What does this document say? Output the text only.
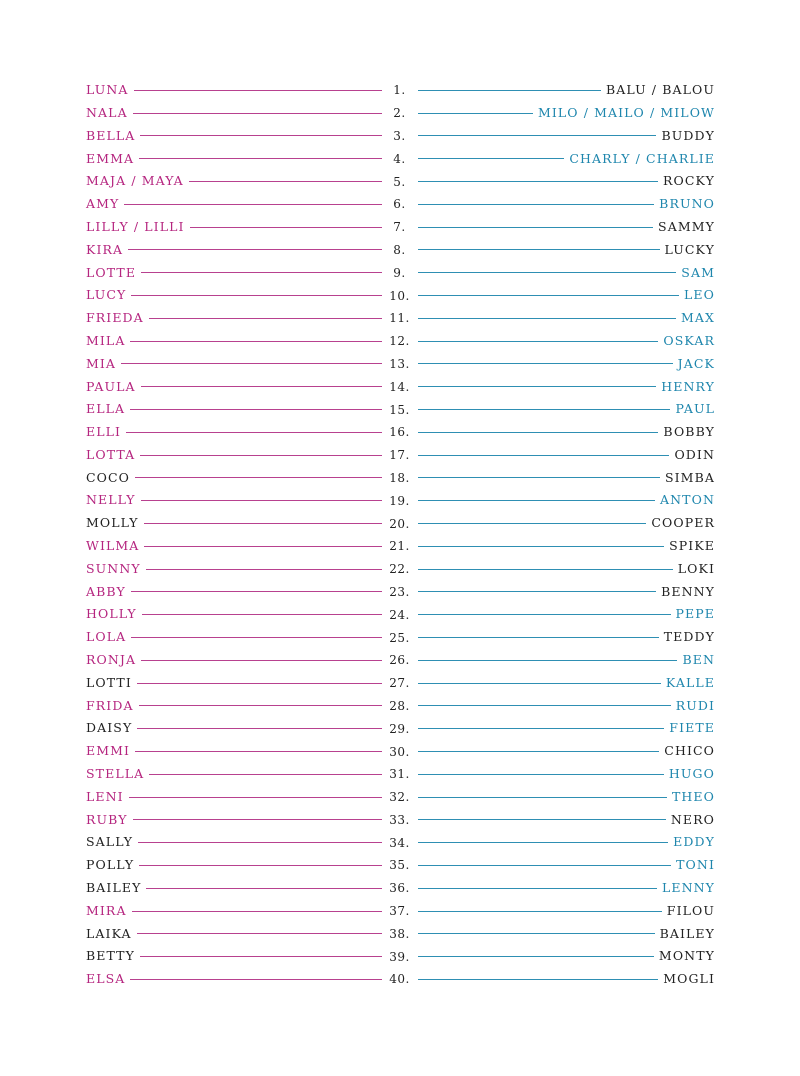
LUNA	1.	BALU / BALOU
NALA	2.	MILO / MAILO / MILOW
BELLA	3.	BUDDY
EMMA	4.	CHARLY / CHARLIE
MAJA / MAYA	5.	ROCKY
AMY	6.	BRUNO
LILLY / LILLI	7.	SAMMY
KIRA	8.	LUCKY
LOTTE	9.	SAM
LUCY	10.	LEO
FRIEDA	11.	MAX
MILA	12.	OSKAR
MIA	13.	JACK
PAULA	14.	HENRY
ELLA	15.	PAUL
ELLI	16.	BOBBY
LOTTA	17.	ODIN
COCO	18.	SIMBA
NELLY	19.	ANTON
MOLLY	20.	COOPER
WILMA	21.	SPIKE
SUNNY	22.	LOKI
ABBY	23.	BENNY
HOLLY	24.	PEPE
LOLA	25.	TEDDY
RONJA	26.	BEN
LOTTI	27.	KALLE
FRIDA	28.	RUDI
DAISY	29.	FIETE
EMMI	30.	CHICO
STELLA	31.	HUGO
LENI	32.	THEO
RUBY	33.	NERO
SALLY	34.	EDDY
POLLY	35.	TONI
BAILEY	36.	LENNY
MIRA	37.	FILOU
LAIKA	38.	BAILEY
BETTY	39.	MONTY
ELSA	40.	MOGLI
